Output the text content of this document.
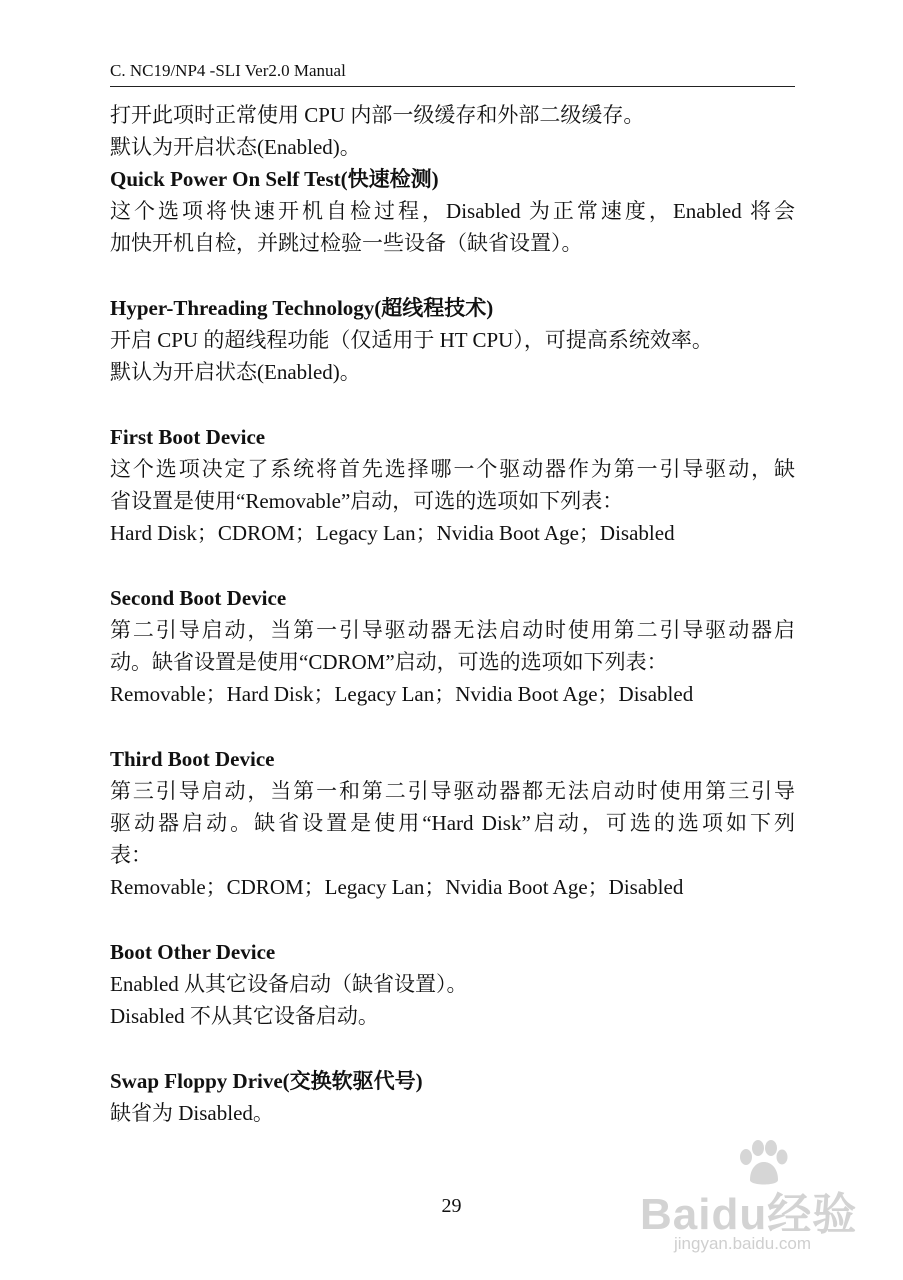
C. NC19/NP4 -SLI Ver2.0 Manual
打开此项时正常使用 CPU 内部一级缓存和外部二级缓存。
默认为开启状态(Enabled)。
Quick Power On Self Test(快速检测)
这个选项将快速开机自检过程，Disabled 为正常速度，Enabled 将会
加快开机自检，并跳过检验一些设备（缺省设置）。
Hyper-Threading Technology(超线程技术)
开启 CPU 的超线程功能（仅适用于 HT CPU），可提高系统效率。
默认为开启状态(Enabled)。
First Boot Device
这个选项决定了系统将首先选择哪一个驱动器作为第一引导驱动，缺
省设置是使用“Removable”启动，可选的选项如下列表：
Hard Disk；CDROM；Legacy Lan；Nvidia Boot Age；Disabled
Second Boot Device
第二引导启动，当第一引导驱动器无法启动时使用第二引导驱动器启
动。缺省设置是使用“CDROM”启动，可选的选项如下列表：
Removable；Hard Disk；Legacy Lan；Nvidia Boot Age；Disabled
Third Boot Device
第三引导启动，当第一和第二引导驱动器都无法启动时使用第三引导
驱动器启动。缺省设置是使用“Hard Disk”启动，可选的选项如下列
表：
Removable；CDROM；Legacy Lan；Nvidia Boot Age；Disabled
Boot Other Device
Enabled 从其它设备启动（缺省设置）。
Disabled 不从其它设备启动。
Swap Floppy Drive(交换软驱代号)
缺省为 Disabled。
29	Baidu经验
jingyan.baidu.com
